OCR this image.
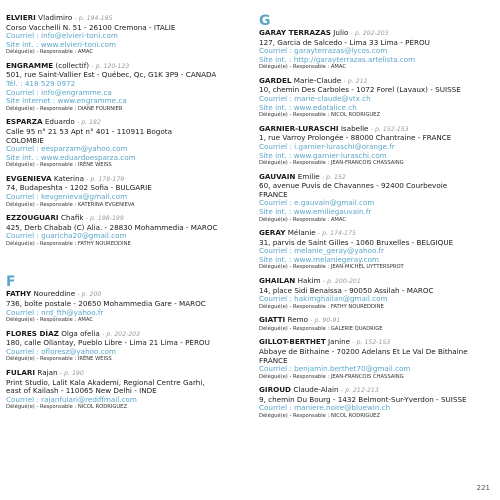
ELVIERI Vladimiro - p. 194-195
Corso Vacchelli N. 51 - 26100 Cremona - ITALIE
Courriel : info@elvieri-toni.com
Site int. : www.elvieri-toni.com
Délégué(e) - Responsable : AMAC
ENGRAMME (collectif) - p. 120-123
501, rue Saint-Vallier Est - Québec, Qc, G1K 3P9 - CANADA
Tél. : 418 529 0972
Courriel : info@engramme.ca
Site internet : www.engramme.ca
Délégué(e) - Responsable : DIANE FOURNIER
ESPARZA Eduardo - p. 182
Calle 95 n° 21 53 Apt n° 401 - 110911 Bogota
COLOMBIE
Courriel : eesparzam@yahoo.com
Site int. : www.eduardoesparza.com
Délégué(e) - Responsable : IRÈNE WEISS
EVGENIEVA Katerina - p. 178-179
74, Budapeshta - 1202 Sofia - BULGARIE
Courriel : kevgenieva@gmail.com
Délégué(e) - Responsable : KATERINA EVGENIEVA
EZZOUGUARI Chafik - p. 198-199
425, Derb Chabab (C) Alia. - 28830 Mohammedia - MAROC
Courriel : guaricha20@gmail.com
Délégué(e) - Responsable : FATHY NOUREDDINE
F
FATHY Noureddine - p. 200
736, boîte postale - 20650 Mohammedia Gare - MAROC
Courriel : nrd_fth@yahoo.fr
Délégué(e) - Responsable : AMAC
FLORES DÍAZ Olga ofelia - p. 202-203
180, calle Ollantay, Pueblo Libre - Lima 21 Lima - PÉROU
Courriel : ofloresz@yahoo.com
Délégué(e) - Responsable : IRÈNE WEISS
FULARI Rajan - p. 190
Print Studio, Lalit Kala Akademi, Regional Centre Garhi,
east of Kailash - 110065 New Delhi - INDE
Courriel : rajanfulari@rediffmail.com
Délégué(e) - Responsable : NICOL RODRIGUEZ
G
GARAY TERRAZAS Julio - p. 202-203
127, Garcia de Salcedo - Lima 33 Lima - PÉROU
Courriel : garayterrazas@lycos.com
Site int. : http://garayterrazas.artelista.com
Délégué(e) - Responsable : AMAC
GARDEL Marie-Claude - p. 212
10, chemin Des Carboles - 1072 Forel (Lavaux) - SUISSE
Courriel : marie-claude@vtx.ch
Site int. : www.edatalice.ch
Délégué(e) - Responsable : NICOL RODRIGUEZ
GARNIER-LURASCHI Isabelle - p. 152-153
1, rue Varroy Prolongée - 88000 Chantraine - FRANCE
Courriel : i.garnier-luraschi@orange.fr
Site int. : www.garnier-luraschi.com
Délégué(e) - Responsable : JEAN-FRANCOIS CHASSAING
GAUVAIN Emilie - p. 152
60, avenue Puvis de Chavannes - 92400 Courbevoie
FRANCE
Courriel : e.gauvain@gmail.com
Site int. : www.emiliegauvain.fr
Délégué(e) - Responsable : AMAC
GERAY Mélanie - p. 174-175
31, parvis de Saint Gilles - 1060 Bruxelles - BELGIQUE
Courriel : melanie_geray@yahoo.fr
Site int. : www.melaniegeray.com
Délégué(e) - Responsable : JEAN-MICHEL UYTTERSPROT
GHAILAN Hakim - p. 200-201
14, place Sidi Benaissa - 90050 Assilah - MAROC
Courriel : hakimghailan@gmail.com
Délégué(e) - Responsable : FATHY NOUREDDINE
GIATTI Remo - p. 90-91
Délégué(e) - Responsable : GALERIE QUADRIGE
GILLOT-BERTHET Janine - p. 152-153
Abbaye de Bithaine - 70200 Adelans Et Le Val De Bithaine
FRANCE
Courriel : benjamin.berthet70@gmail.com
Délégué(e) - Responsable : JEAN-FRANCOIS CHASSAING
GIROUD Claude-Alain - p. 212-213
9, chemin Du Bourg - 1432 Belmont-Sur-Yverdon - SUISSE
Courriel : maniere.noire@bluewin.ch
Délégué(e) - Responsable : NICOL RODRIGUEZ
221
